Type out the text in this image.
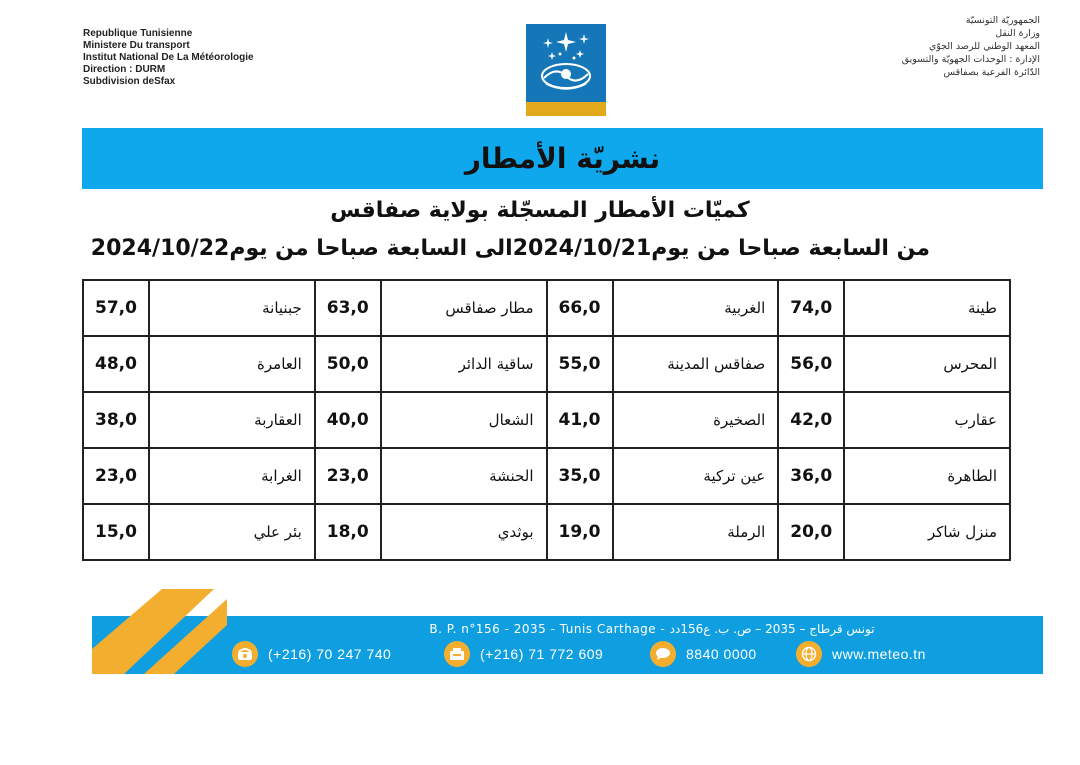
Republique Tunisienne
Ministere Du transport
Institut National De La Météorologie
Direction : DURM
Subdivision deSfax
الجمهوريّة التونسيّة
وزارة النقل
المعهد الوطني للرصد الجوّي
الإدارة : الوحدات الجهويّة والتسويق
الدّائرة الفرعية بصفاقس
نشريّة الأمطار
كميّات الأمطار المسجّلة بولاية صفاقس
من السابعة صباحا من يوم2024/10/21الى السابعة صباحا من يوم2024/10/22
طينة	74,0	الغربية	66,0	مطار صفاقس	63,0	جبنيانة	57,0
المحرس	56,0	صفاقس المدينة	55,0	ساقية الدائر	50,0	العامرة	48,0
عقارب	42,0	الصخيرة	41,0	الشعال	40,0	العقاربة	38,0
الطاهرة	36,0	عين تركية	35,0	الحنشة	23,0	الغرابة	23,0
منزل شاكر	20,0	الرملة	19,0	بوثدي	18,0	بئر علي	15,0
B. P. n°156 - 2035 - Tunis Carthage - تونس قرطاج – 2035 – ص. ب. ع156دد
(+216) 70 247 740	(+216) 71 772 609	8840 0000	www.meteo.tn
